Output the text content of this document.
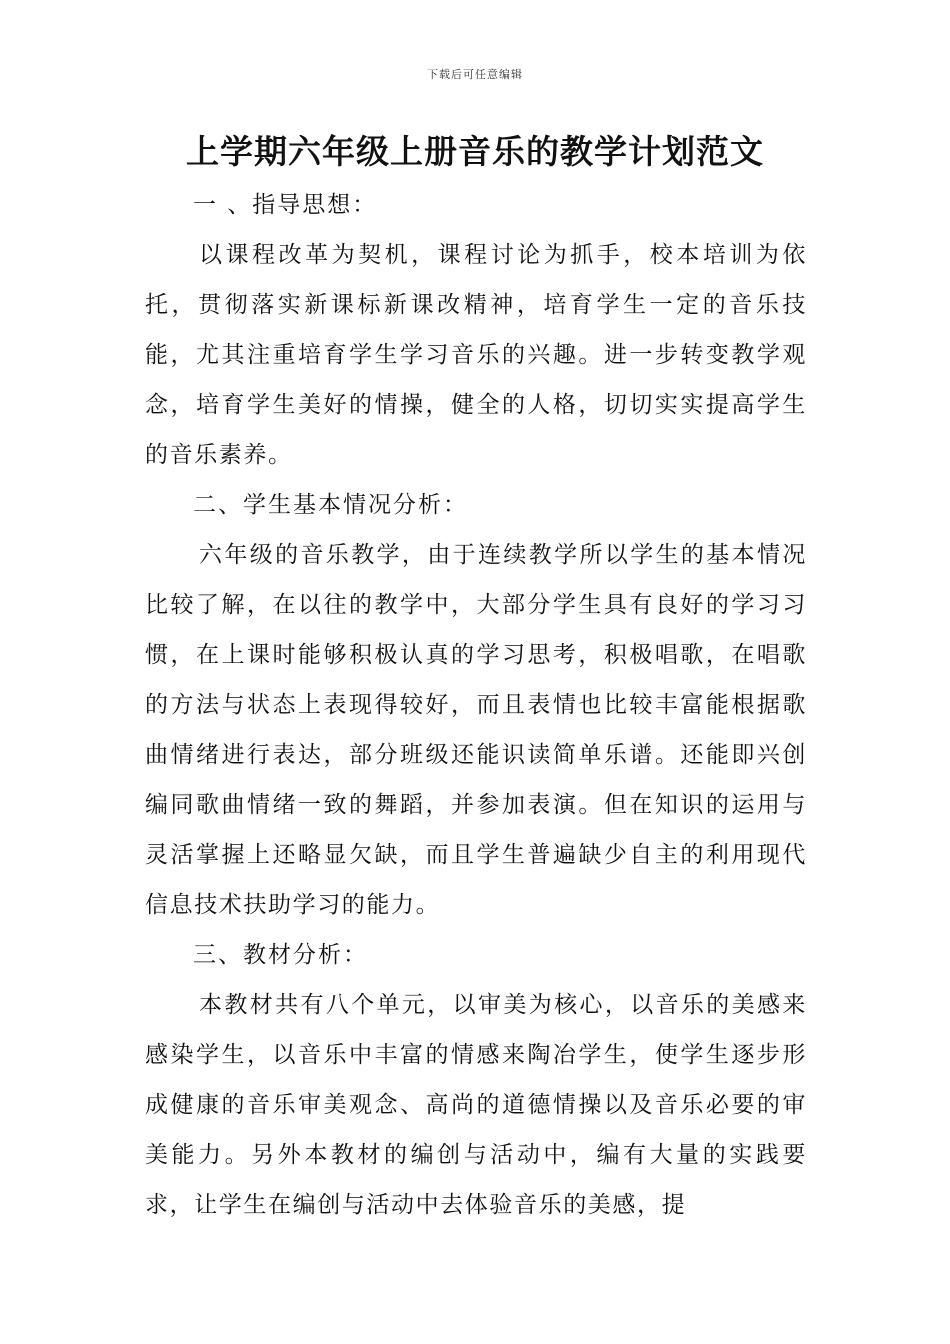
下载后可任意编辑
上学期六年级上册音乐的教学计划范文

一 、指导思想：

以课程改革为契机，课程讨论为抓手，校本培训为依托，贯彻落实新课标新课改精神，培育学生一定的音乐技能，尤其注重培育学生学习音乐的兴趣。进一步转变教学观念，培育学生美好的情操，健全的人格，切切实实提高学生的音乐素养。

二、学生基本情况分析：

六年级的音乐教学，由于连续教学所以学生的基本情况比较了解，在以往的教学中，大部分学生具有良好的学习习惯，在上课时能够积极认真的学习思考，积极唱歌，在唱歌的方法与状态上表现得较好，而且表情也比较丰富能根据歌曲情绪进行表达，部分班级还能识读简单乐谱。还能即兴创编同歌曲情绪一致的舞蹈，并参加表演。但在知识的运用与灵活掌握上还略显欠缺，而且学生普遍缺少自主的利用现代信息技术扶助学习的能力。

三、教材分析：

本教材共有八个单元，以审美为核心，以音乐的美感来感染学生，以音乐中丰富的情感来陶冶学生，使学生逐步形成健康的音乐审美观念、高尚的道德情操以及音乐必要的审美能力。另外本教材的编创与活动中，编有大量的实践要求，让学生在编创与活动中去体验音乐的美感，提
